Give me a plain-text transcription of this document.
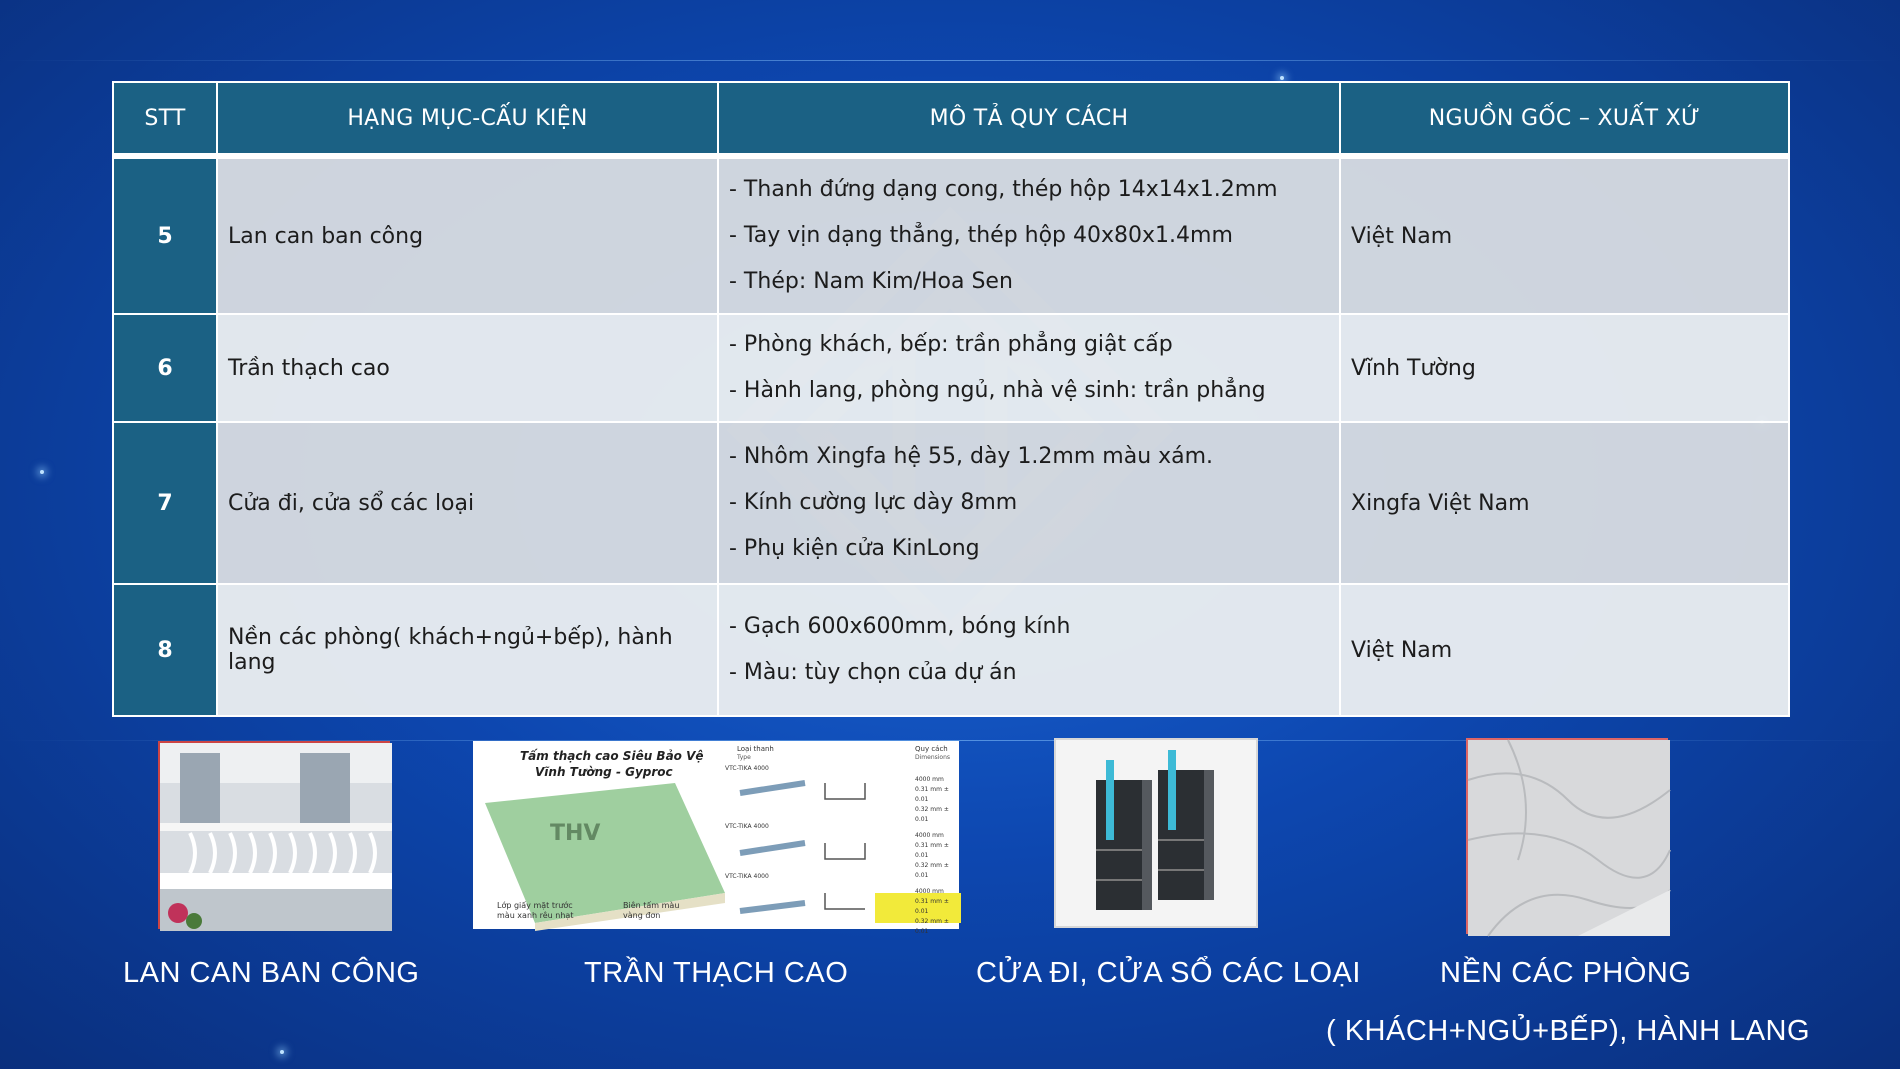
STT	HẠNG MỤC-CẤU KIỆN	MÔ TẢ QUY CÁCH	NGUỒN GỐC – XUẤT XỨ
5	Lan can ban công	- Thanh đứng dạng cong, thép hộp 14x14x1.2mm
- Tay vịn dạng thẳng, thép hộp 40x80x1.4mm
- Thép: Nam Kim/Hoa Sen	Việt Nam
6	Trần thạch cao	- Phòng khách, bếp: trần phẳng giật cấp
- Hành lang, phòng ngủ, nhà vệ sinh: trần phẳng	Vĩnh Tường
7	Cửa đi, cửa sổ các loại	- Nhôm Xingfa hệ 55, dày 1.2mm màu xám.
- Kính cường lực dày 8mm
- Phụ kiện cửa KinLong	Xingfa Việt Nam
8	Nền các phòng( khách+ngủ+bếp), hành lang	- Gạch 600x600mm, bóng kính
- Màu: tùy chọn của dự án	Việt Nam

Tấm thạch cao Siêu Bảo Vệ
Vĩnh Tường - Gyproc
Loại thanh
Type
Quy cách
Dimensions
VTC-TIKA 4000
VTC-TIKA 4000
VTC-TIKA 4000
4000 mm
0.31 mm ± 0.01
0.32 mm ± 0.01
4000 mm
0.31 mm ± 0.01
0.32 mm ± 0.01
4000 mm
0.31 mm ± 0.01
0.32 mm ± 0.01
THV
Lớp giấy mặt trước màu xanh rêu nhạt
Biên tấm màu vàng đơn

LAN CAN BAN CÔNG	TRẦN THẠCH CAO	CỬA ĐI, CỬA SỔ CÁC LOẠI	NỀN CÁC PHÒNG
( KHÁCH+NGỦ+BẾP), HÀNH LANG
